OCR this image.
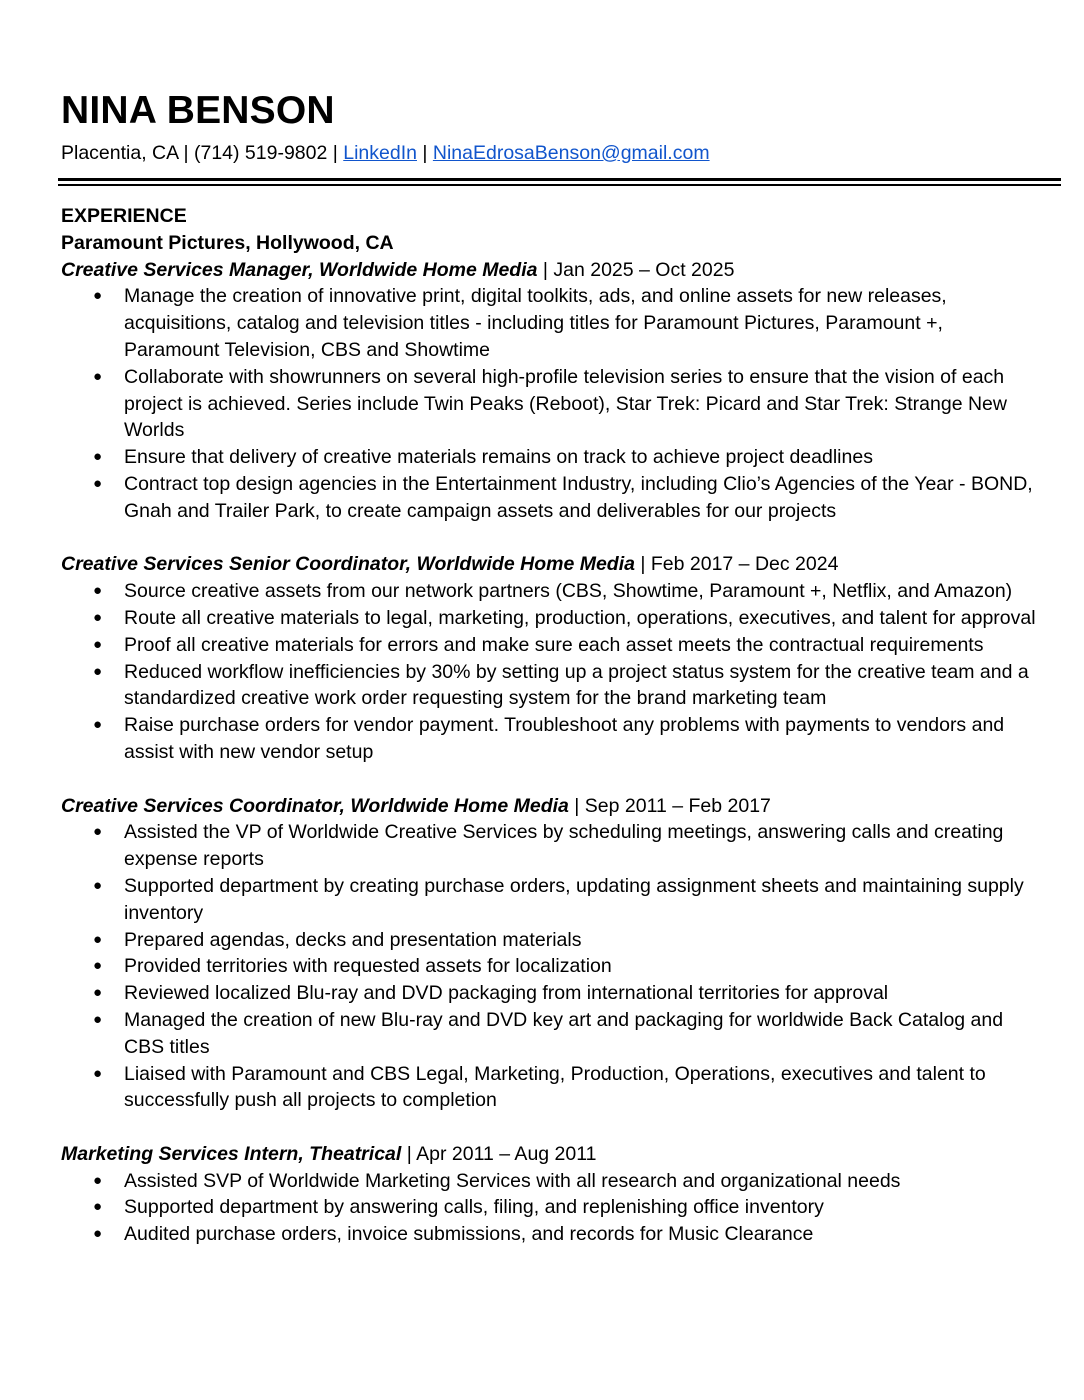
NINA BENSON
Placentia, CA | (714) 519-9802 | LinkedIn | NinaEdrosaBenson@gmail.com
EXPERIENCE
Paramount Pictures, Hollywood, CA
Creative Services Manager, Worldwide Home Media | Jan 2025 – Oct 2025
● Manage the creation of innovative print, digital toolkits, ads, and online assets for new releases, acquisitions, catalog and television titles - including titles for Paramount Pictures, Paramount +, Paramount Television, CBS and Showtime
● Collaborate with showrunners on several high-profile television series to ensure that the vision of each project is achieved. Series include Twin Peaks (Reboot), Star Trek: Picard and Star Trek: Strange New Worlds
● Ensure that delivery of creative materials remains on track to achieve project deadlines
● Contract top design agencies in the Entertainment Industry, including Clio’s Agencies of the Year - BOND, Gnah and Trailer Park, to create campaign assets and deliverables for our projects
Creative Services Senior Coordinator, Worldwide Home Media | Feb 2017 – Dec 2024
● Source creative assets from our network partners (CBS, Showtime, Paramount +, Netflix, and Amazon)
● Route all creative materials to legal, marketing, production, operations, executives, and talent for approval
● Proof all creative materials for errors and make sure each asset meets the contractual requirements
● Reduced workflow inefficiencies by 30% by setting up a project status system for the creative team and a standardized creative work order requesting system for the brand marketing team
● Raise purchase orders for vendor payment. Troubleshoot any problems with payments to vendors and assist with new vendor setup
Creative Services Coordinator, Worldwide Home Media | Sep 2011 – Feb 2017
● Assisted the VP of Worldwide Creative Services by scheduling meetings, answering calls and creating expense reports
● Supported department by creating purchase orders, updating assignment sheets and maintaining supply inventory
● Prepared agendas, decks and presentation materials
● Provided territories with requested assets for localization
● Reviewed localized Blu-ray and DVD packaging from international territories for approval
● Managed the creation of new Blu-ray and DVD key art and packaging for worldwide Back Catalog and CBS titles
● Liaised with Paramount and CBS Legal, Marketing, Production, Operations, executives and talent to successfully push all projects to completion
Marketing Services Intern, Theatrical | Apr 2011 – Aug 2011
● Assisted SVP of Worldwide Marketing Services with all research and organizational needs
● Supported department by answering calls, filing, and replenishing office inventory
● Audited purchase orders, invoice submissions, and records for Music Clearance
